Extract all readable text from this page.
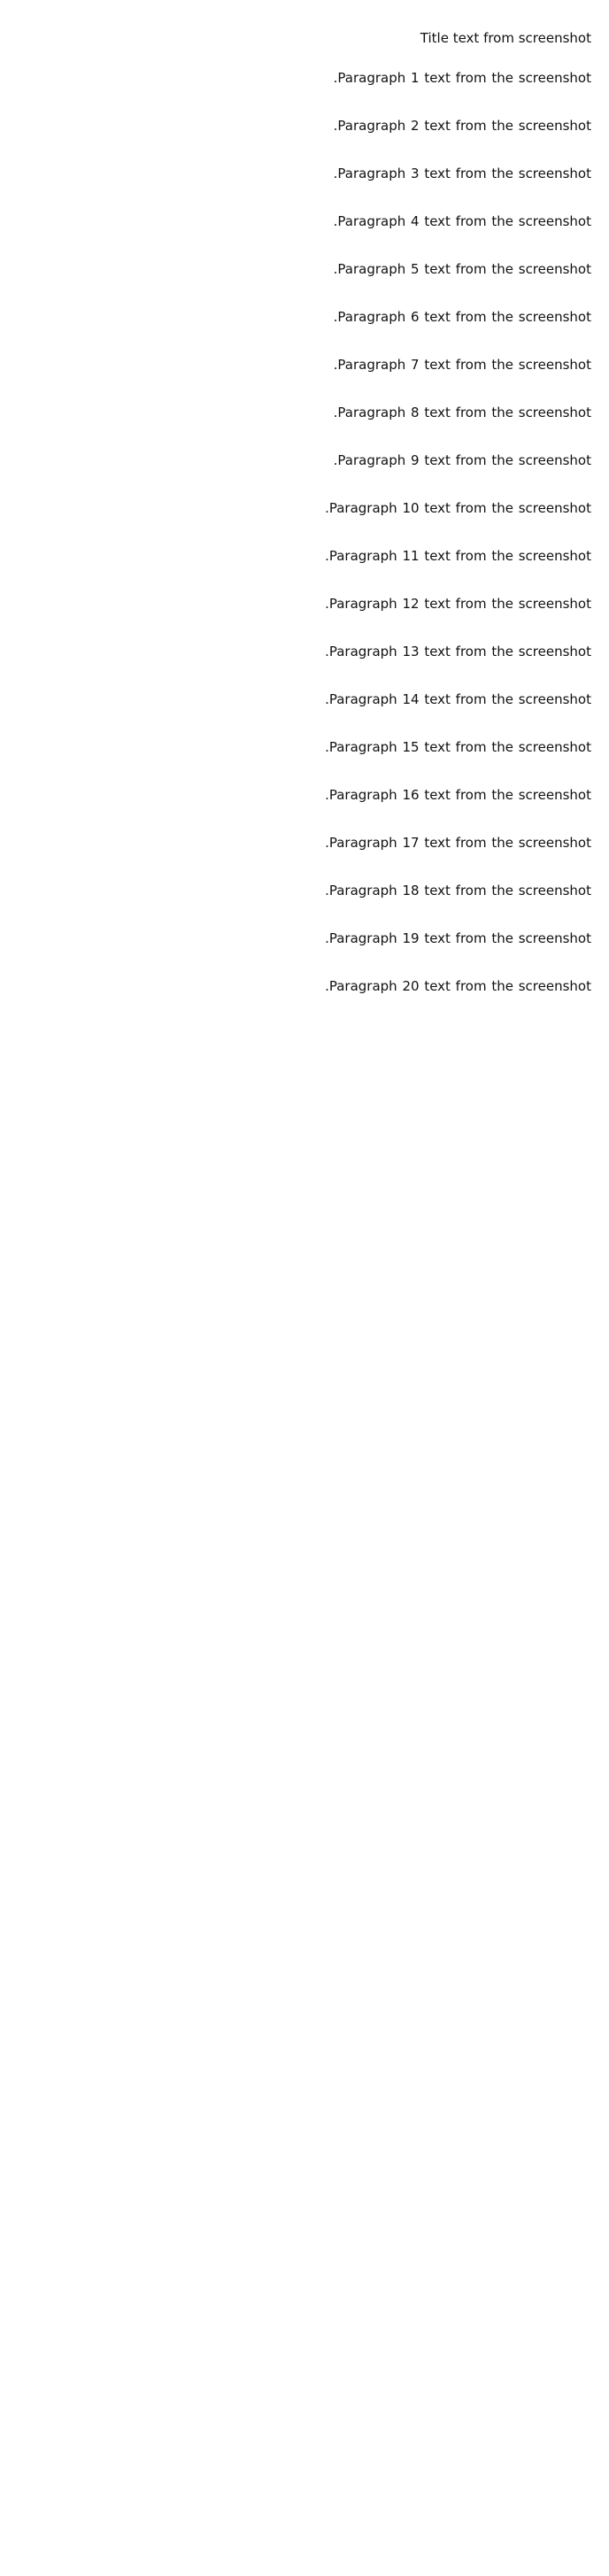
Title text from screenshot

Paragraph 1 text from the screenshot.

Paragraph 2 text from the screenshot.

Paragraph 3 text from the screenshot.

Paragraph 4 text from the screenshot.

Paragraph 5 text from the screenshot.

Paragraph 6 text from the screenshot.

Paragraph 7 text from the screenshot.

Paragraph 8 text from the screenshot.

Paragraph 9 text from the screenshot.

Paragraph 10 text from the screenshot.

Paragraph 11 text from the screenshot.

Paragraph 12 text from the screenshot.

Paragraph 13 text from the screenshot.

Paragraph 14 text from the screenshot.

Paragraph 15 text from the screenshot.

Paragraph 16 text from the screenshot.

Paragraph 17 text from the screenshot.

Paragraph 18 text from the screenshot.

Paragraph 19 text from the screenshot.

Paragraph 20 text from the screenshot.
